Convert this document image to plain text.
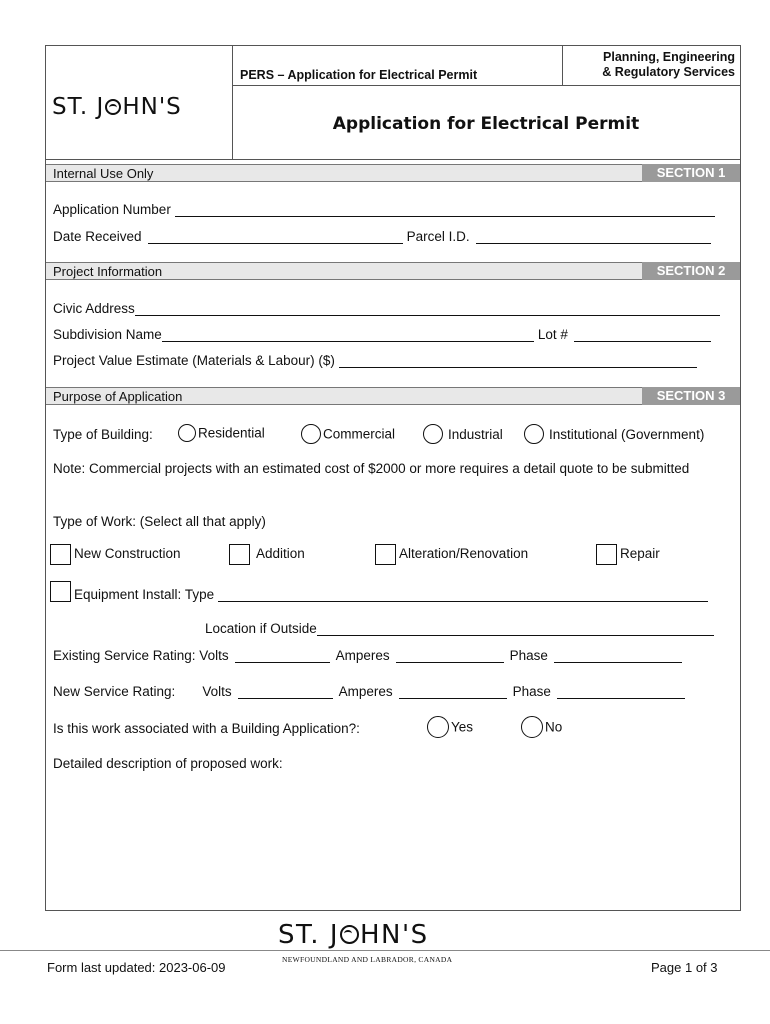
ST. J HN'S
PERS – Application for Electrical Permit
Planning, Engineering
& Regulatory Services
Application for Electrical Permit
Internal Use Only	SECTION 1
Application Number
Date Received	Parcel I.D.
Project Information	SECTION 2
Civic Address
Subdivision Name	Lot #
Project Value Estimate (Materials & Labour) ($)
Purpose of Application	SECTION 3
Type of Building:	Residential	Commercial	Industrial	Institutional (Government)
Note: Commercial projects with an estimated cost of $2000 or more requires a detail quote to be submitted
Type of Work: (Select all that apply)
New Construction	Addition	Alteration/Renovation	Repair
Equipment Install: Type
Location if Outside
Existing Service Rating: Volts	Amperes	Phase
New Service Rating: Volts	Amperes	Phase
Is this work associated with a Building Application?:	Yes	No
Detailed description of proposed work:
ST. J HN'S
NEWFOUNDLAND AND LABRADOR, CANADA
Form last updated: 2023-06-09	Page 1 of 3
